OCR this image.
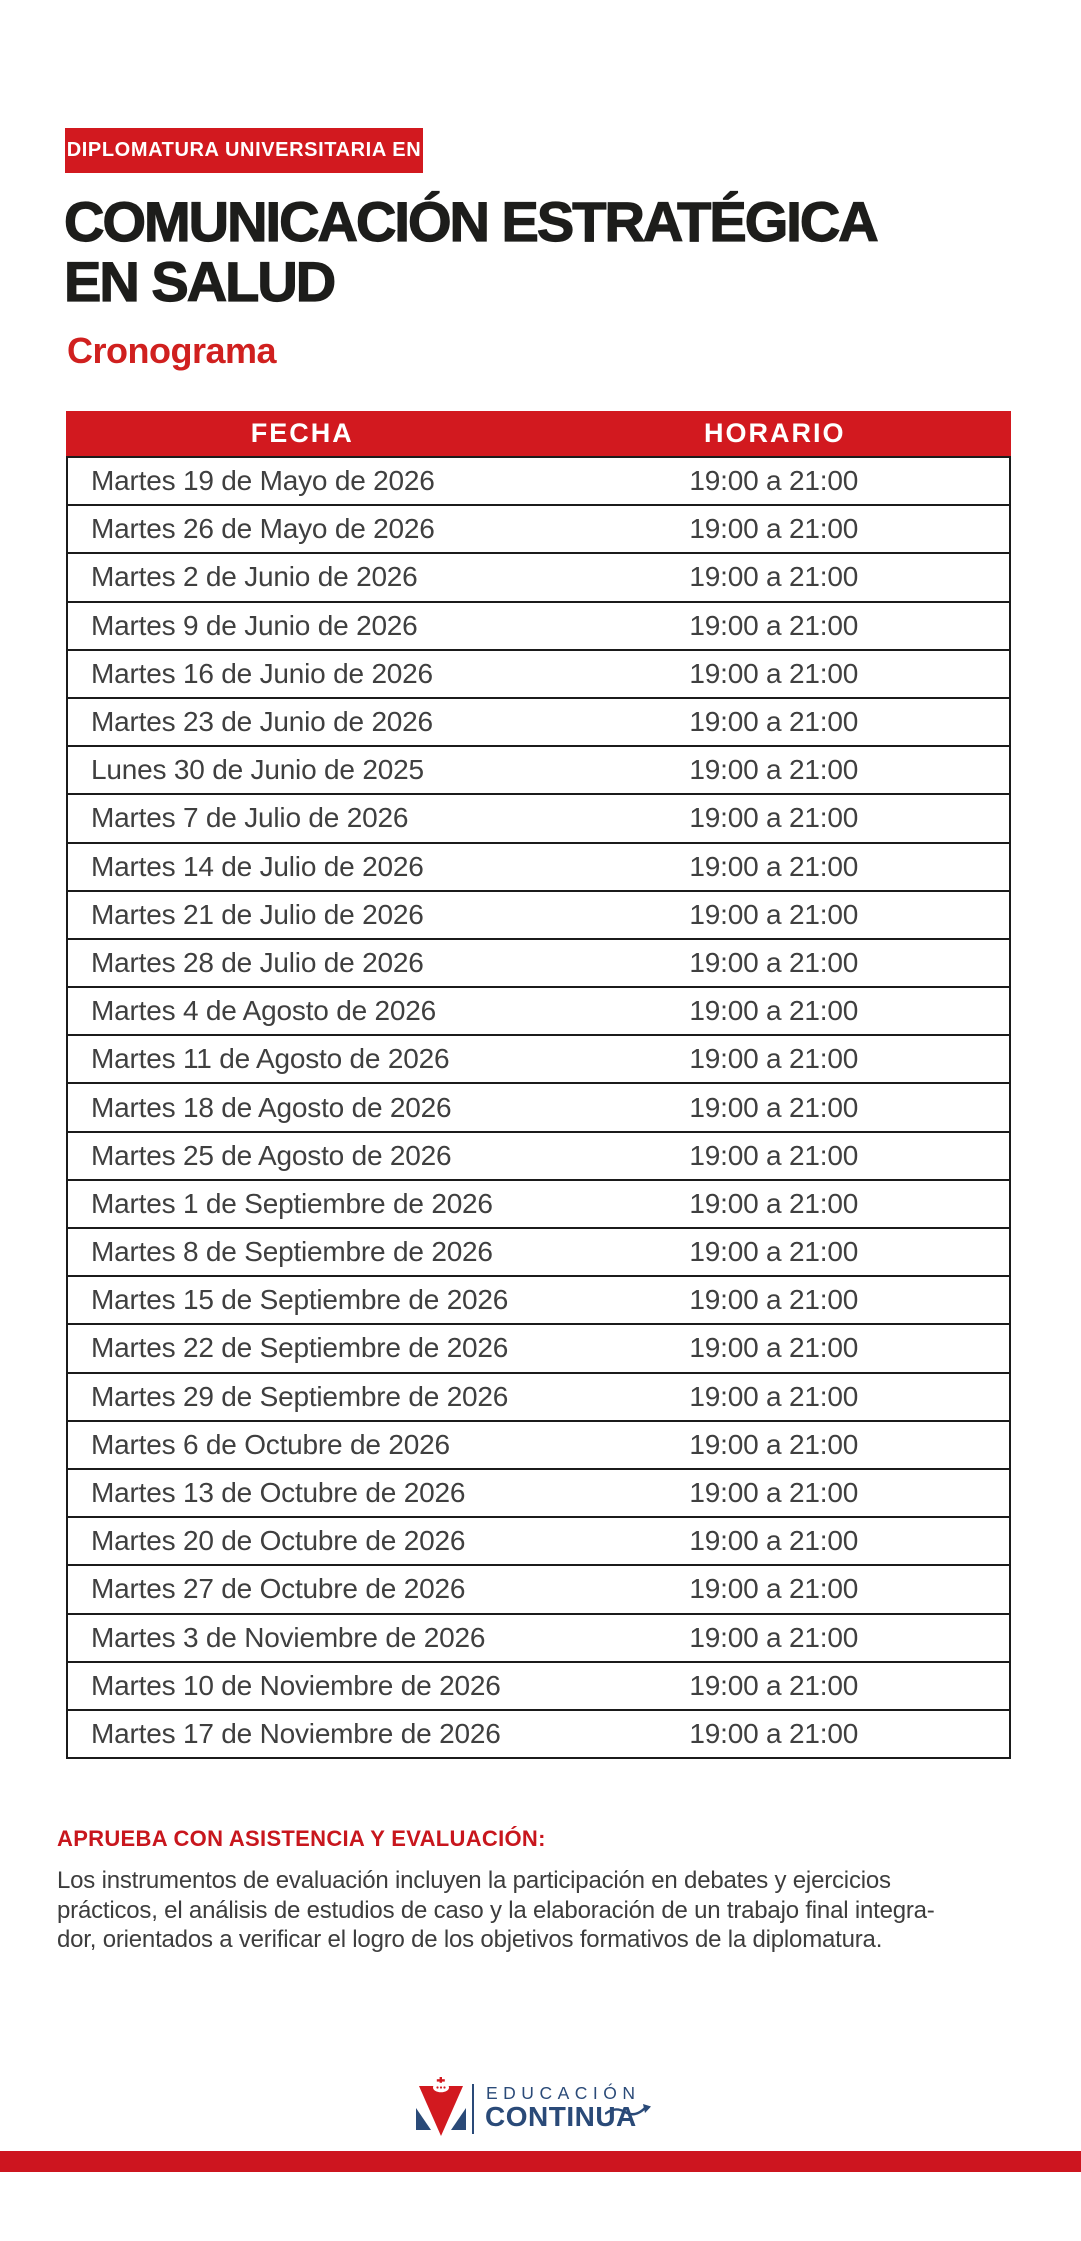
DIPLOMATURA UNIVERSITARIA EN
COMUNICACIÓN ESTRATÉGICA
EN SALUD
Cronograma
FECHA	HORARIO
Martes 19 de Mayo de 2026	19:00 a 21:00
Martes 26 de Mayo de 2026	19:00 a 21:00
Martes 2 de Junio de 2026	19:00 a 21:00
Martes 9 de Junio de 2026	19:00 a 21:00
Martes 16 de Junio de 2026	19:00 a 21:00
Martes 23 de Junio de 2026	19:00 a 21:00
Lunes 30 de Junio de 2025	19:00 a 21:00
Martes 7 de Julio de 2026	19:00 a 21:00
Martes 14 de Julio de 2026	19:00 a 21:00
Martes 21 de Julio de 2026	19:00 a 21:00
Martes 28 de Julio de 2026	19:00 a 21:00
Martes 4 de Agosto de 2026	19:00 a 21:00
Martes 11 de Agosto de 2026	19:00 a 21:00
Martes 18 de Agosto de 2026	19:00 a 21:00
Martes 25 de Agosto de 2026	19:00 a 21:00
Martes 1 de Septiembre de 2026	19:00 a 21:00
Martes 8 de Septiembre de 2026	19:00 a 21:00
Martes 15 de Septiembre de 2026	19:00 a 21:00
Martes 22 de Septiembre de 2026	19:00 a 21:00
Martes 29 de Septiembre de 2026	19:00 a 21:00
Martes 6 de Octubre de 2026	19:00 a 21:00
Martes 13 de Octubre de 2026	19:00 a 21:00
Martes 20 de Octubre de 2026	19:00 a 21:00
Martes 27 de Octubre de 2026	19:00 a 21:00
Martes 3 de Noviembre de 2026	19:00 a 21:00
Martes 10 de Noviembre de 2026	19:00 a 21:00
Martes 17 de Noviembre de 2026	19:00 a 21:00
APRUEBA CON ASISTENCIA Y EVALUACIÓN:
Los instrumentos de evaluación incluyen la participación en debates y ejercicios
prácticos, el análisis de estudios de caso y la elaboración de un trabajo final integra-
dor, orientados a verificar el logro de los objetivos formativos de la diplomatura.
EDUCACIÓN
CONTINUA
